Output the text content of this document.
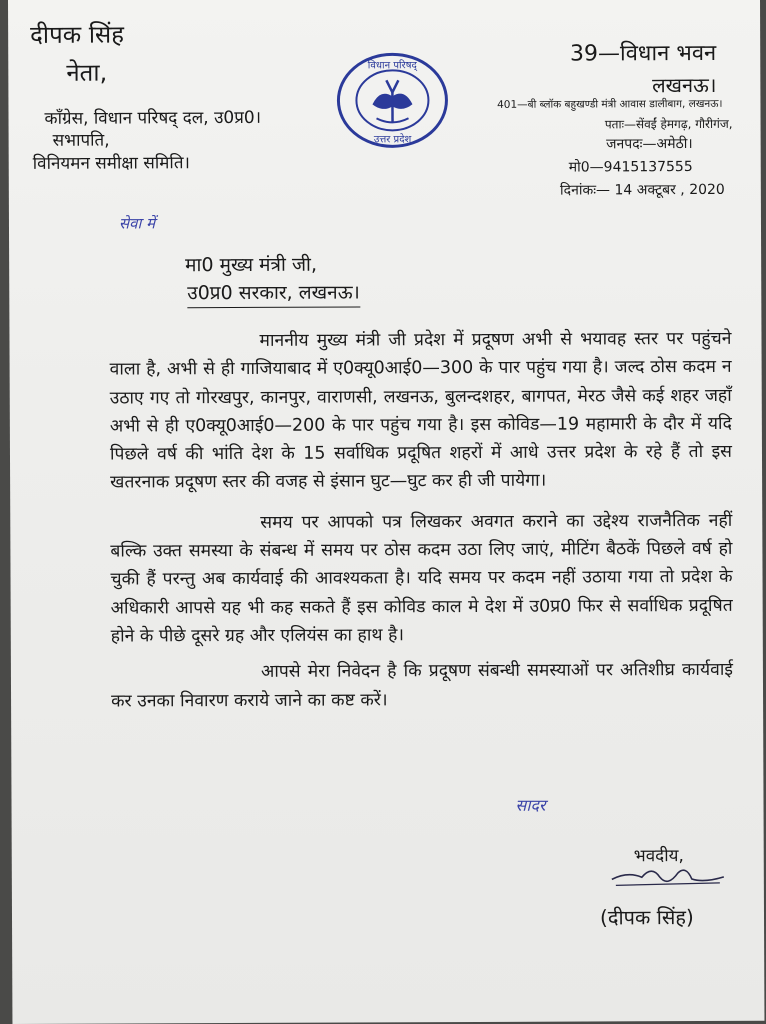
दीपक सिंह
नेता,
काँग्रेस, विधान परिषद् दल, उ0प्र0।
सभापति,
विनियमन समीक्षा समिति।
विधान परिषद्
उत्तर प्रदेश
39—विधान भवन
लखनऊ।
401—बी ब्लॉक बहुखण्डी मंत्री आवास डालीबाग, लखनऊ।
पताः—सेंवईं हेमगढ़, गौरीगंज,
जनपदः—अमेठी।
मो0—9415137555
दिनांकः— 14 अक्टूबर , 2020
सेवा में
मा0 मुख्य मंत्री जी,
उ0प्र0 सरकार, लखनऊ।

माननीय मुख्य मंत्री जी प्रदेश में प्रदूषण अभी से भयावह स्तर पर पहुंचने वाला है, अभी से ही गाजियाबाद में ए0क्यू0आई0—300 के पार पहुंच गया है। जल्द ठोस कदम न उठाए गए तो गोरखपुर, कानपुर, वाराणसी, लखनऊ, बुलन्दशहर, बागपत, मेरठ जैसे कई शहर जहाँ अभी से ही ए0क्यू0आई0—200 के पार पहुंच गया है। इस कोविड—19 महामारी के दौर में यदि पिछले वर्ष की भांति देश के 15 सर्वाधिक प्रदूषित शहरों में आधे उत्तर प्रदेश के रहे हैं तो इस खतरनाक प्रदूषण स्तर की वजह से इंसान घुट—घुट कर ही जी पायेगा।

समय पर आपको पत्र लिखकर अवगत कराने का उद्देश्य राजनैतिक नहीं बल्कि उक्त समस्या के संबन्ध में समय पर ठोस कदम उठा लिए जाएं, मीटिंग बैठकें पिछले वर्ष हो चुकी हैं परन्तु अब कार्यवाई की आवश्यकता है। यदि समय पर कदम नहीं उठाया गया तो प्रदेश के अधिकारी आपसे यह भी कह सकते हैं इस कोविड काल मे देश में उ0प्र0 फिर से सर्वाधिक प्रदूषित होने के पीछे दूसरे ग्रह और एलियंस का हाथ है।

आपसे मेरा निवेदन है कि प्रदूषण संबन्धी समस्याओं पर अतिशीघ्र कार्यवाई कर उनका निवारण कराये जाने का कष्ट करें।

सादर
भवदीय,
(दीपक सिंह)
